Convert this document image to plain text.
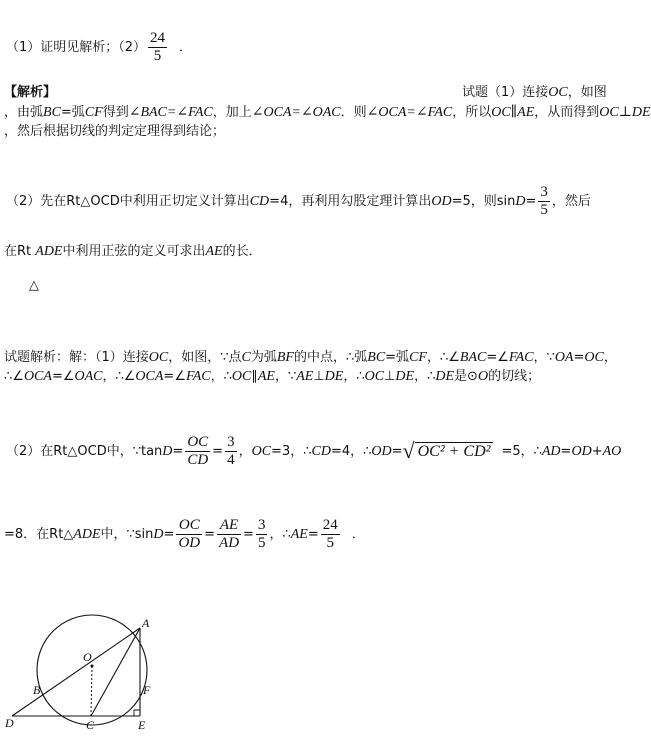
（1）证明见解析；$(2) \frac{24}{5}$ ．
【解析】	试题（1）连接OC，如图
，由弧BC=弧CF得到∠BAC=∠FAC，加上∠OCA=∠OAC．则∠OCA=∠FAC，所以OC∥AE，从而得到OC⊥DE
，然后根据切线的判定定理得到结论；
（2）先在Rt△OCD中利用正切定义计算出CD=4，再利用勾股定理计算出OD=5，则$\sin D= \frac{3}{5}$ ，然后
在Rt ADE中利用正弦的定义可求出AE的长．
△
试题解析：解：（1）连接OC，如图，∵点C为弧BF的中点，∴弧BC=弧CF，∴∠BAC=∠FAC，∵OA=OC，
∴∠OCA=∠OAC，∴∠OCA=∠FAC，∴OC∥AE，∵AE⊥DE，∴OC⊥DE，∴DE是⊙O的切线；
（2）在Rt△OCD中，∵tanD= $\frac{OC}{CD} = \frac{3}{4}$ ，OC=3，∴CD=4，∴OD=√ OC² + CD² =5，∴AD=OD+AO
=8．在Rt△ADE中，∵sinD= $\frac{OC}{OD} = \frac{AE}{AD} = \frac{3}{5}$ ，∴AE= $\frac{24}{5}$ ．
A
O
B	F
D	C	E
